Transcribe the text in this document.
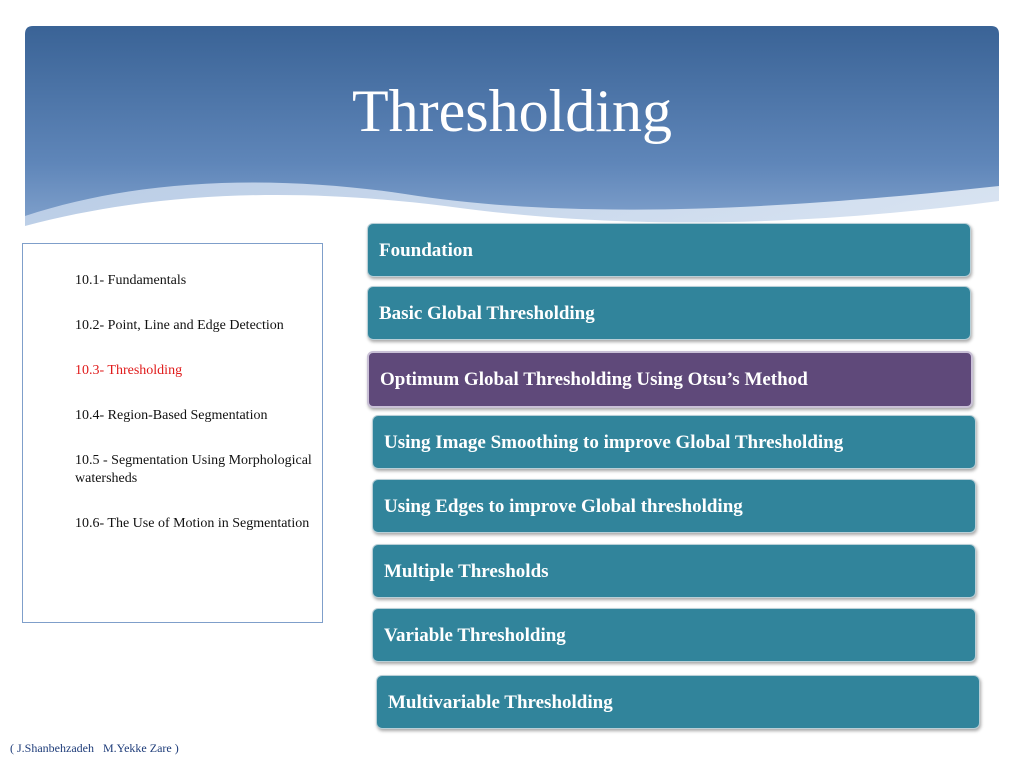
Thresholding
10.1- Fundamentals
10.2- Point, Line and Edge Detection
10.3- Thresholding
10.4- Region-Based Segmentation
10.5 - Segmentation Using Morphological watersheds
10.6- The Use of Motion in Segmentation
Foundation
Basic Global Thresholding
Optimum Global Thresholding Using Otsu’s Method
Using Image Smoothing to improve Global Thresholding
Using Edges to improve Global thresholding
Multiple Thresholds
Variable Thresholding
Multivariable Thresholding
( J.Shanbehzadeh   M.Yekke Zare )
